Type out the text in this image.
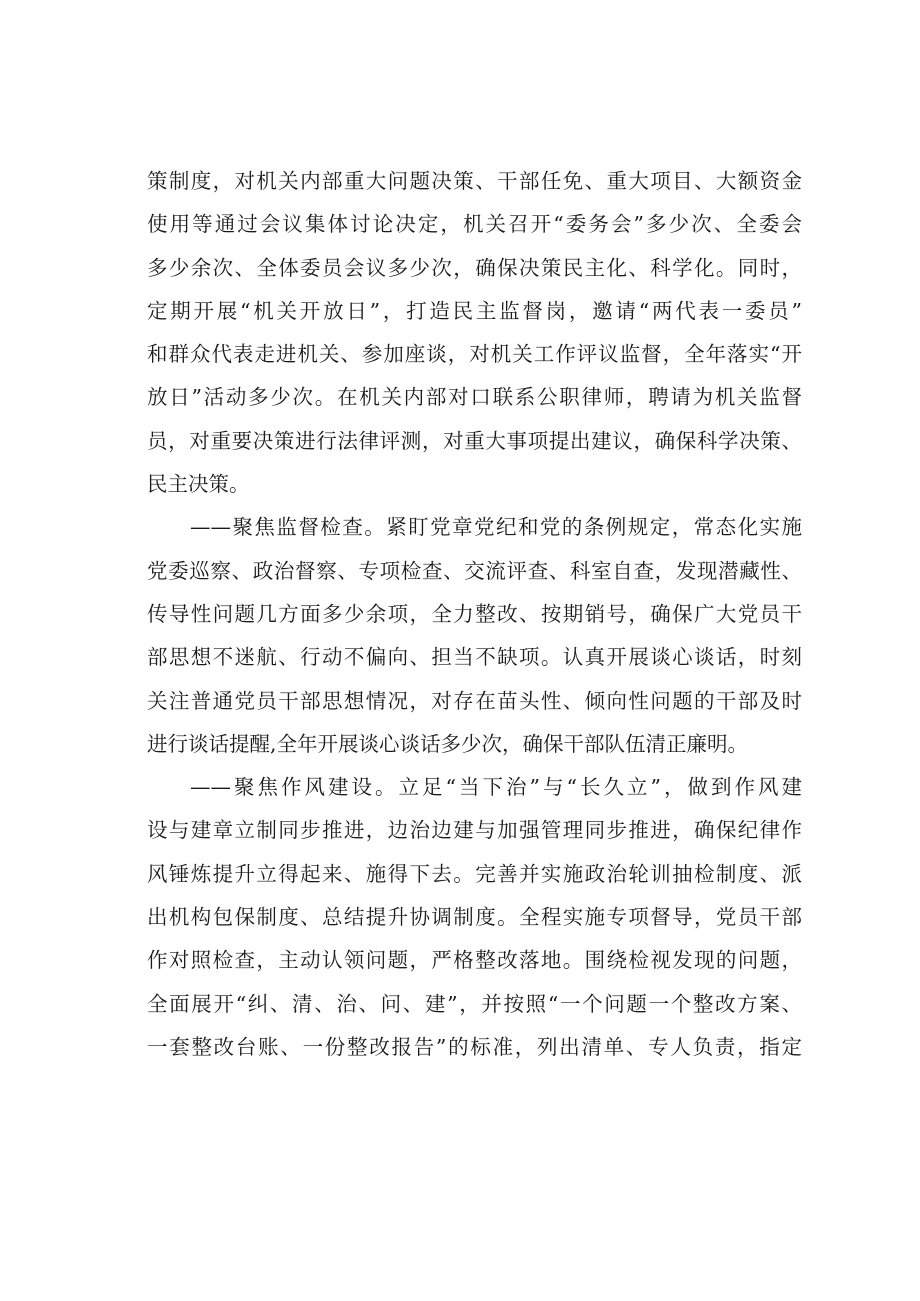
策制度，对机关内部重大问题决策、干部任免、重大项目、大额资金
使用等通过会议集体讨论决定，机关召开“委务会”多少次、全委会
多少余次、全体委员会议多少次，确保决策民主化、科学化。同时，
定期开展“机关开放日”，打造民主监督岗，邀请“两代表一委员”
和群众代表走进机关、参加座谈，对机关工作评议监督，全年落实“开
放日”活动多少次。在机关内部对口联系公职律师，聘请为机关监督
员，对重要决策进行法律评测，对重大事项提出建议，确保科学决策、
民主决策。
——聚焦监督检查。紧盯党章党纪和党的条例规定，常态化实施
党委巡察、政治督察、专项检查、交流评查、科室自查，发现潜藏性、
传导性问题几方面多少余项，全力整改、按期销号，确保广大党员干
部思想不迷航、行动不偏向、担当不缺项。认真开展谈心谈话，时刻
关注普通党员干部思想情况，对存在苗头性、倾向性问题的干部及时
进行谈话提醒,全年开展谈心谈话多少次，确保干部队伍清正廉明。
——聚焦作风建设。立足“当下治”与“长久立”，做到作风建
设与建章立制同步推进，边治边建与加强管理同步推进，确保纪律作
风锤炼提升立得起来、施得下去。完善并实施政治轮训抽检制度、派
出机构包保制度、总结提升协调制度。全程实施专项督导，党员干部
作对照检查，主动认领问题，严格整改落地。围绕检视发现的问题，
全面展开“纠、清、治、问、建”，并按照“一个问题一个整改方案、
一套整改台账、一份整改报告”的标准，列出清单、专人负责，指定
